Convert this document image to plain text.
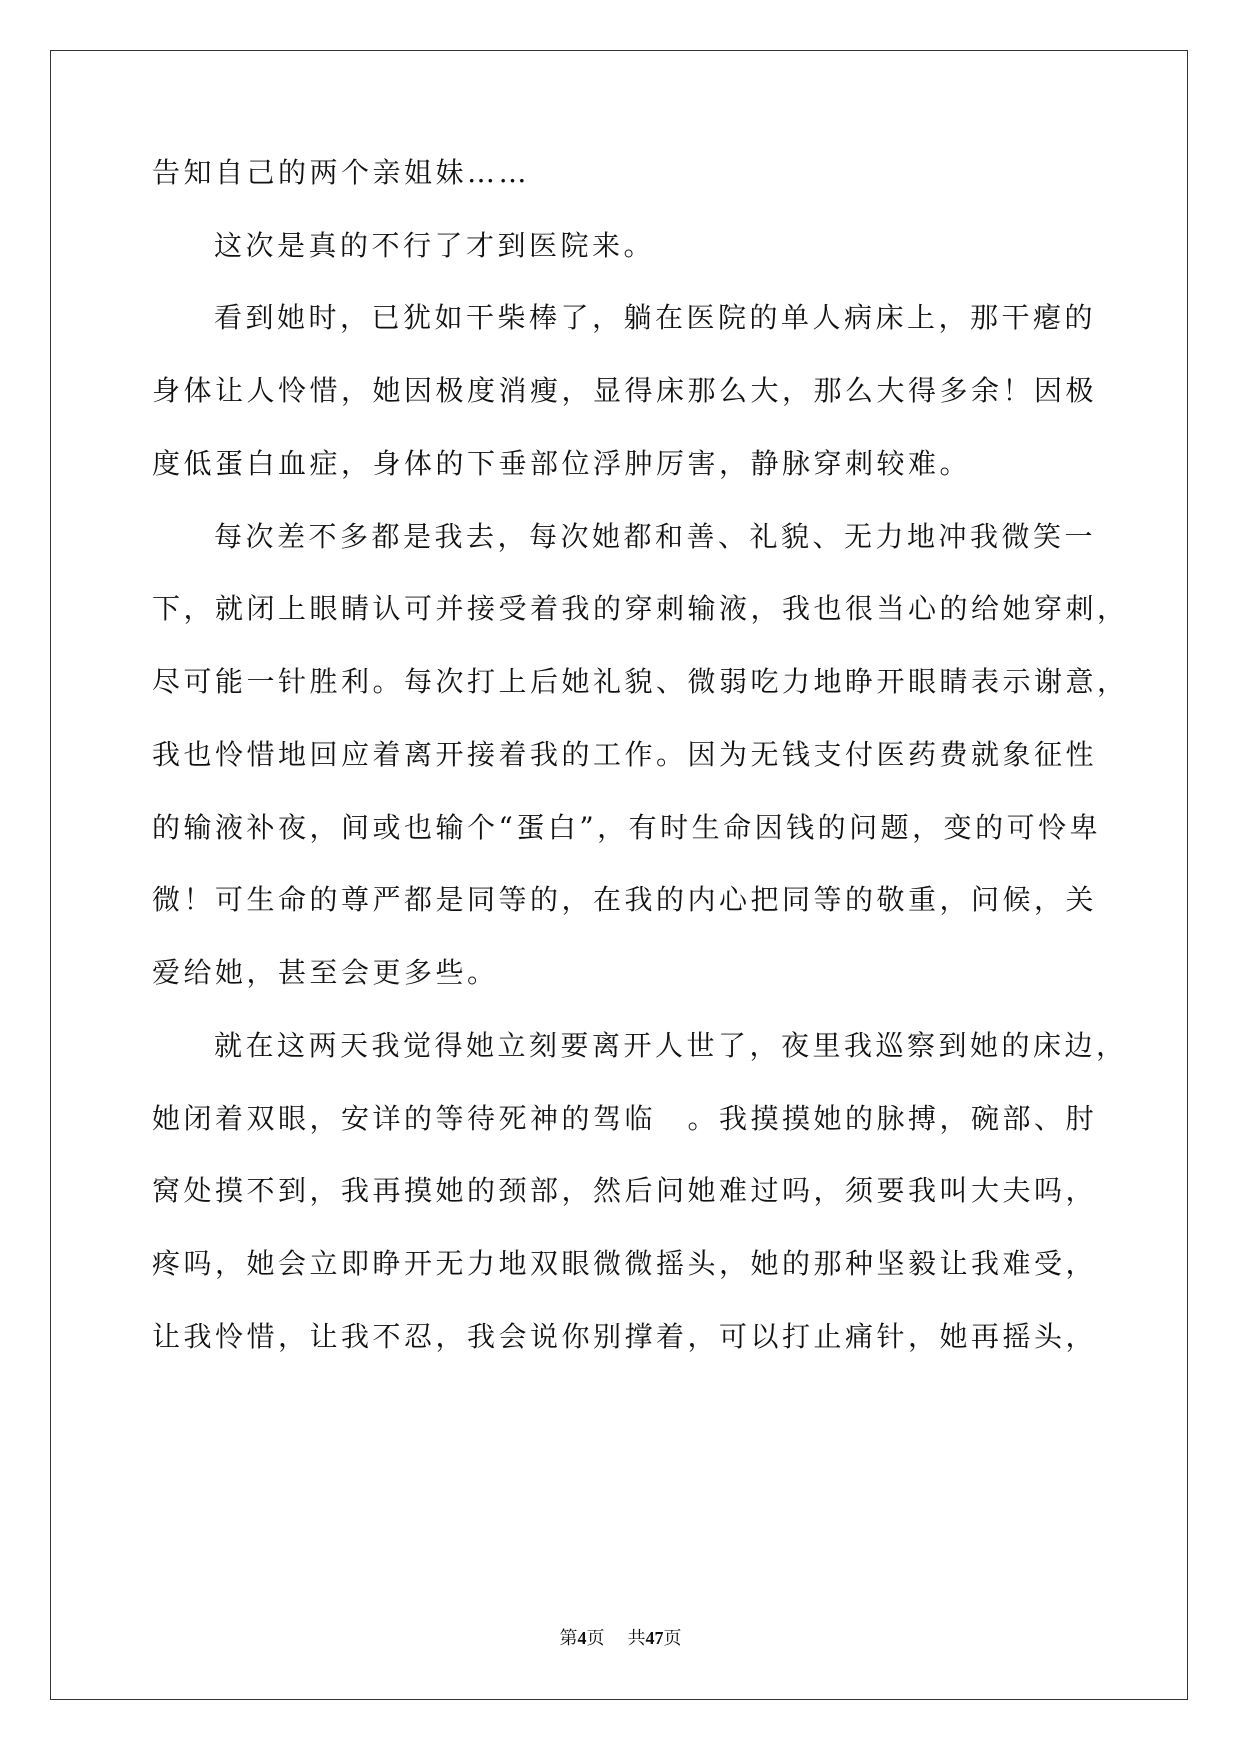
告知自己的两个亲姐妹……
这次是真的不行了才到医院来。
看到她时，已犹如干柴棒了，躺在医院的单人病床上，那干瘪的
身体让人怜惜，她因极度消瘦，显得床那么大，那么大得多余！因极
度低蛋白血症，身体的下垂部位浮肿厉害，静脉穿刺较难。
每次差不多都是我去，每次她都和善、礼貌、无力地冲我微笑一
下，就闭上眼睛认可并接受着我的穿刺输液，我也很当心的给她穿刺，
尽可能一针胜利。每次打上后她礼貌、微弱吃力地睁开眼睛表示谢意，
我也怜惜地回应着离开接着我的工作。因为无钱支付医药费就象征性
的输液补夜，间或也输个“蛋白”，有时生命因钱的问题，变的可怜卑
微！可生命的尊严都是同等的，在我的内心把同等的敬重，问候，关
爱给她，甚至会更多些。
就在这两天我觉得她立刻要离开人世了，夜里我巡察到她的床边，
她闭着双眼，安详的等待死神的驾临　。我摸摸她的脉搏，碗部、肘
窝处摸不到，我再摸她的颈部，然后问她难过吗，须要我叫大夫吗，
疼吗，她会立即睁开无力地双眼微微摇头，她的那种坚毅让我难受，
让我怜惜，让我不忍，我会说你别撑着，可以打止痛针，她再摇头，
第4页 共47页
